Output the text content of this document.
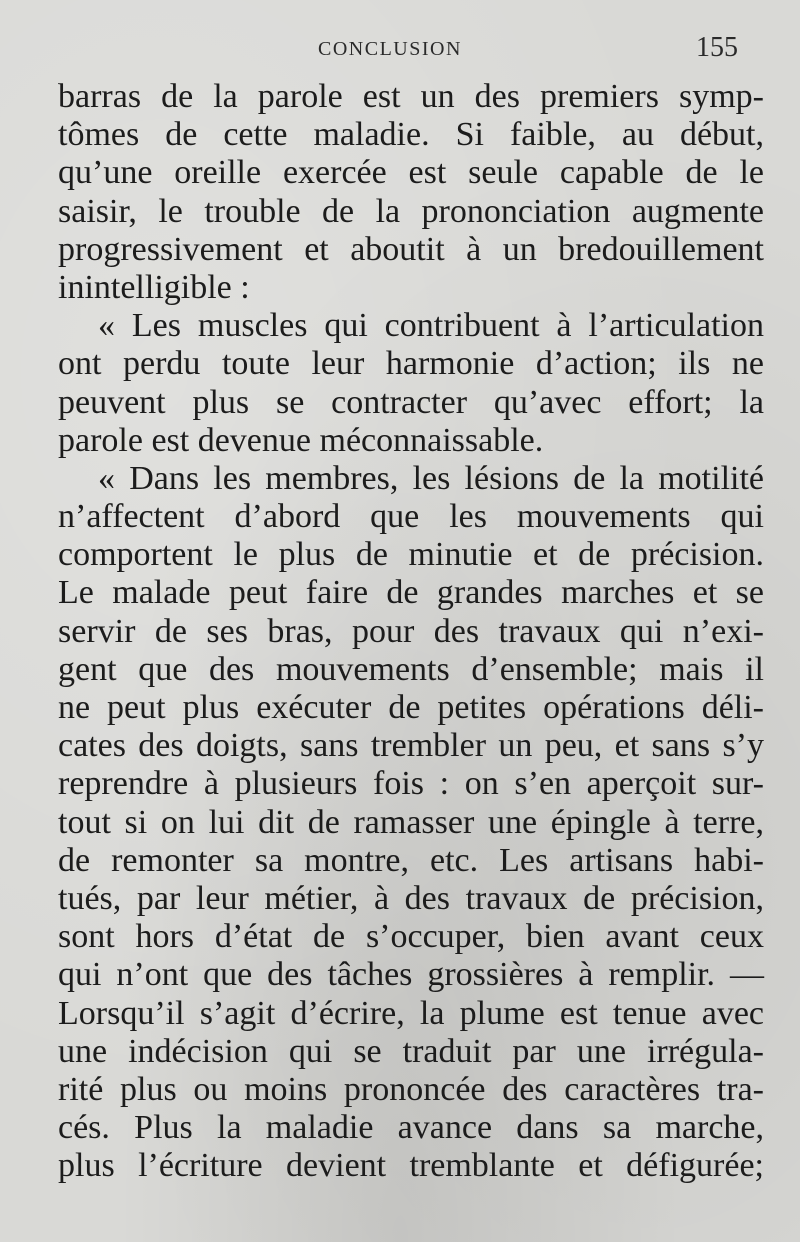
CONCLUSION	155
barras de la parole est un des premiers symp-
tômes de cette maladie. Si faible, au début,
qu’une oreille exercée est seule capable de le
saisir, le trouble de la prononciation augmente
progressivement et aboutit à un bredouillement
inintelligible :
« Les muscles qui contribuent à l’articulation
ont perdu toute leur harmonie d’action; ils ne
peuvent plus se contracter qu’avec effort; la
parole est devenue méconnaissable.
« Dans les membres, les lésions de la motilité
n’affectent d’abord que les mouvements qui
comportent le plus de minutie et de précision.
Le malade peut faire de grandes marches et se
servir de ses bras, pour des travaux qui n’exi-
gent que des mouvements d’ensemble; mais il
ne peut plus exécuter de petites opérations déli-
cates des doigts, sans trembler un peu, et sans s’y
reprendre à plusieurs fois : on s’en aperçoit sur-
tout si on lui dit de ramasser une épingle à terre,
de remonter sa montre, etc. Les artisans habi-
tués, par leur métier, à des travaux de précision,
sont hors d’état de s’occuper, bien avant ceux
qui n’ont que des tâches grossières à remplir. —
Lorsqu’il s’agit d’écrire, la plume est tenue avec
une indécision qui se traduit par une irrégula-
rité plus ou moins prononcée des caractères tra-
cés. Plus la maladie avance dans sa marche,
plus l’écriture devient tremblante et défigurée;
